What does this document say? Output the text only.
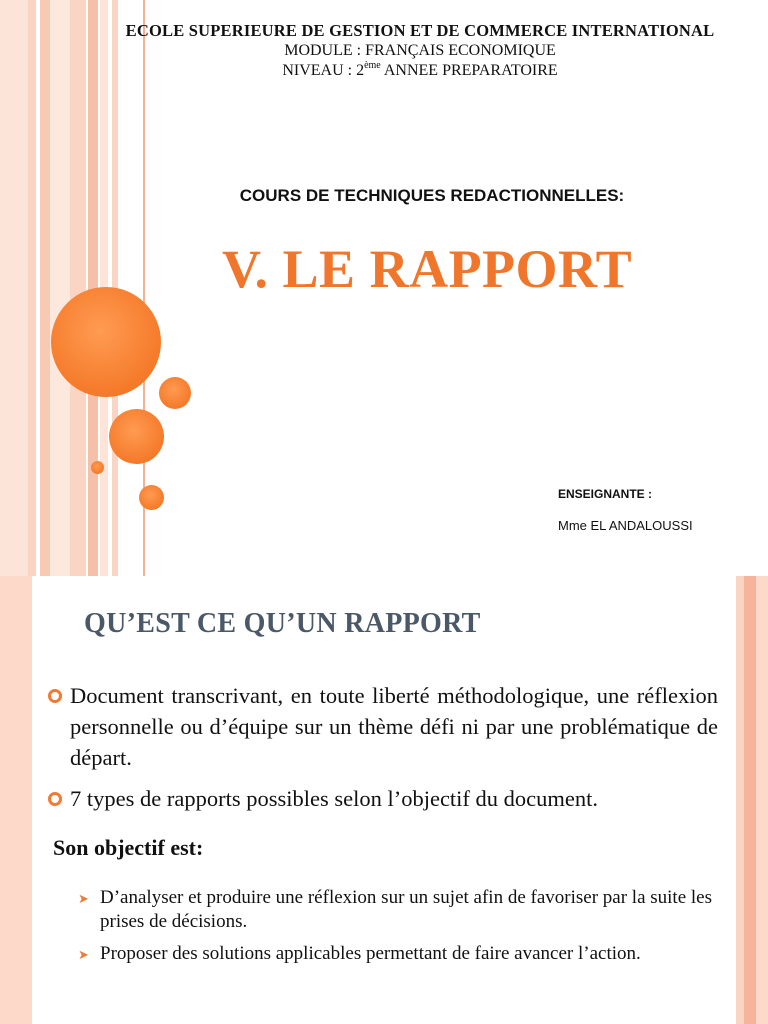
ECOLE SUPERIEURE DE GESTION ET DE COMMERCE INTERNATIONAL
MODULE : FRANÇAIS ECONOMIQUE
NIVEAU : 2ème ANNEE PREPARATOIRE
COURS DE TECHNIQUES REDACTIONNELLES:
V. LE RAPPORT
ENSEIGNANTE :
Mme EL ANDALOUSSI
QU’EST CE QU’UN RAPPORT
Document transcrivant, en toute liberté méthodologique, une réflexion personnelle ou d’équipe sur un thème défi ni par une problématique de départ.
7 types de rapports possibles selon l’objectif du document.
Son objectif est:
➤ D’analyser et produire une réflexion sur un sujet afin de favoriser par la suite les prises de décisions.
➤ Proposer des solutions applicables permettant de faire avancer l’action.
